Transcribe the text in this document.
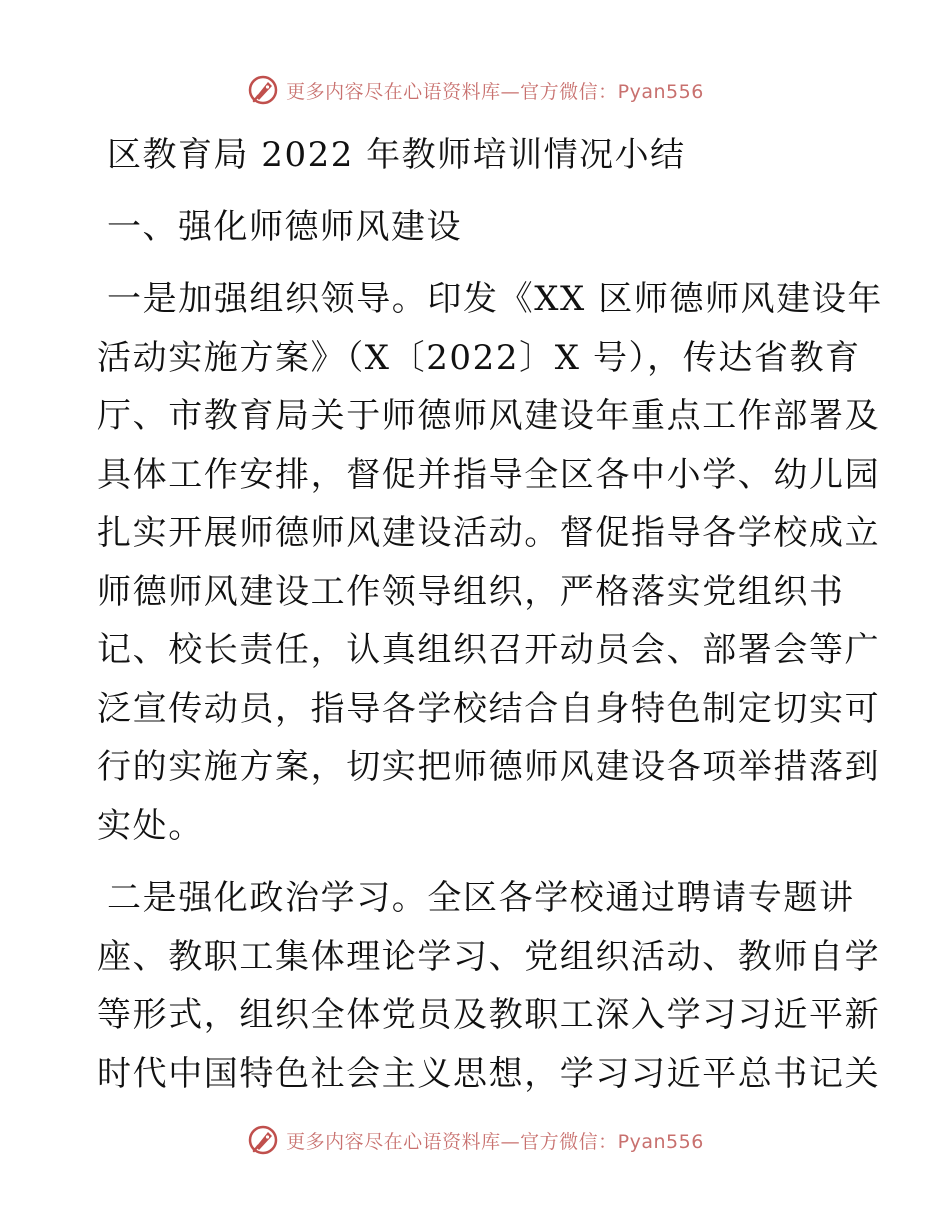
更多内容尽在心语资料库—官方微信：Pyan556
区教育局 2022 年教师培训情况小结
一、强化师德师风建设
一是加强组织领导。印发《XX 区师德师风建设年
活动实施方案》（X〔2022〕X 号），传达省教育
厅、市教育局关于师德师风建设年重点工作部署及
具体工作安排，督促并指导全区各中小学、幼儿园
扎实开展师德师风建设活动。督促指导各学校成立
师德师风建设工作领导组织，严格落实党组织书
记、校长责任，认真组织召开动员会、部署会等广
泛宣传动员，指导各学校结合自身特色制定切实可
行的实施方案，切实把师德师风建设各项举措落到
实处。
二是强化政治学习。全区各学校通过聘请专题讲
座、教职工集体理论学习、党组织活动、教师自学
等形式，组织全体党员及教职工深入学习习近平新
时代中国特色社会主义思想，学习习近平总书记关
更多内容尽在心语资料库—官方微信：Pyan556
